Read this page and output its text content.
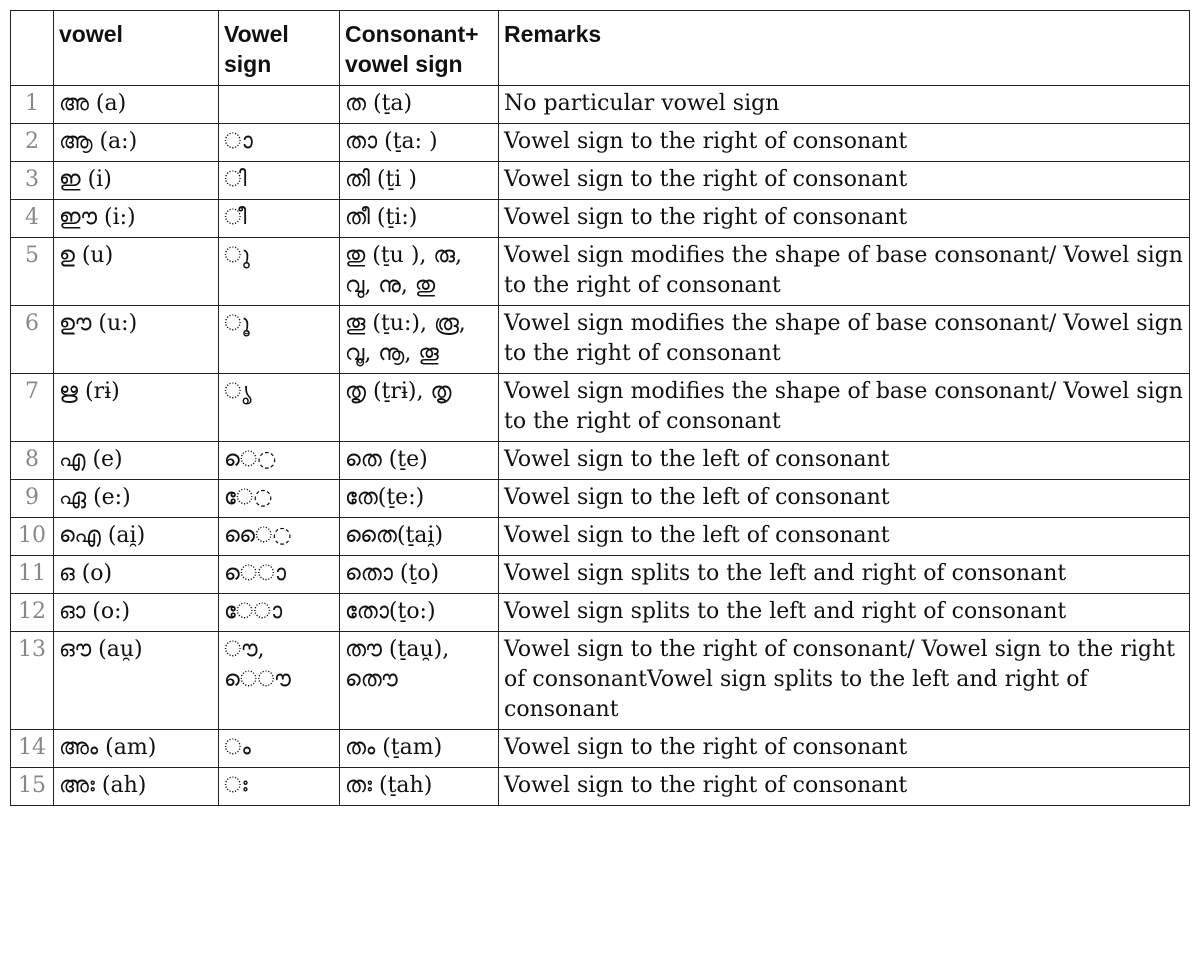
	vowel	Vowel sign	Consonant+ vowel sign	Remarks
1	അ (a)		ത (t̠a)	No particular vowel sign
2	ആ (a:)	◌ാ	താ (t̠a: )	Vowel sign to the right of consonant
3	ഇ (i)	◌ി	തി (t̠i )	Vowel sign to the right of consonant
4	ഈ (i:)	◌ീ	തീ (t̠i:)	Vowel sign to the right of consonant
5	ഉ (u)	◌ു	തു (t̠u ), രു, വു, നു, തു	Vowel sign modifies the shape of base consonant/ Vowel sign to the right of consonant
6	ഊ (u:)	◌ൂ	തൂ (t̠u:), രൂ, വൂ, നൂ, തൂ	Vowel sign modifies the shape of base consonant/ Vowel sign to the right of consonant
7	ഋ (rɨ)	◌ൃ	തൃ (t̠rɨ), തൃ	Vowel sign modifies the shape of base consonant/ Vowel sign to the right of consonant
8	എ (e)	െ◌	തെ (t̠e)	Vowel sign to the left of consonant
9	ഏ (e:)	േ◌	തേ(t̠e:)	Vowel sign to the left of consonant
10	ഐ (ai̯)	ൈ◌	തൈ(t̠ai̯)	Vowel sign to the left of consonant
11	ഒ (o)	െ◌ാ	തൊ (t̠o)	Vowel sign splits to the left and right of consonant
12	ഓ (o:)	േ◌ാ	തോ(t̠o:)	Vowel sign splits to the left and right of consonant
13	ഔ (au̯)	◌ൗ, െ◌ൗ	തൗ (t̠au̯), തൌ	Vowel sign to the right of consonant/ Vowel sign to the right of consonantVowel sign splits to the left and right of consonant
14	അം (am)	◌ം	തം (t̠am)	Vowel sign to the right of consonant
15	അഃ (ah)	◌ഃ	തഃ (t̠ah)	Vowel sign to the right of consonant
